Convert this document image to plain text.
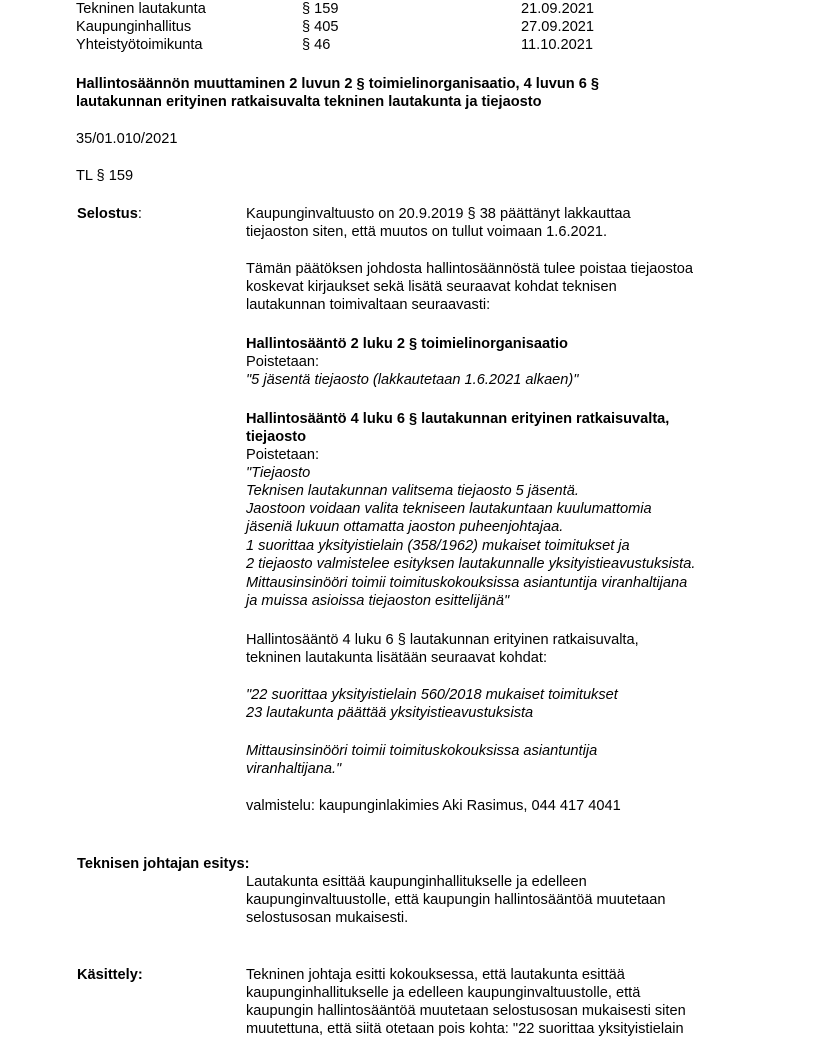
Tekninen lautakunta	§ 159	21.09.2021
Kaupunginhallitus	§ 405	27.09.2021
Yhteistyötoimikunta	§ 46	11.10.2021
Hallintosäännön muuttaminen 2 luvun 2 § toimielinorganisaatio, 4 luvun 6 §
lautakunnan erityinen ratkaisuvalta tekninen lautakunta ja tiejaosto
35/01.010/2021
TL § 159
Selostus:	Kaupunginvaltuusto on 20.9.2019 § 38 päättänyt lakkauttaa
tiejaoston siten, että muutos on tullut voimaan 1.6.2021.
Tämän päätöksen johdosta hallintosäännöstä tulee poistaa tiejaostoa
koskevat kirjaukset sekä lisätä seuraavat kohdat teknisen
lautakunnan toimivaltaan seuraavasti:
Hallintosääntö 2 luku 2 § toimielinorganisaatio
Poistetaan:
"5 jäsentä tiejaosto (lakkautetaan 1.6.2021 alkaen)"
Hallintosääntö 4 luku 6 § lautakunnan erityinen ratkaisuvalta,
tiejaosto
Poistetaan:
"Tiejaosto
Teknisen lautakunnan valitsema tiejaosto 5 jäsentä.
Jaostoon voidaan valita tekniseen lautakuntaan kuulumattomia
jäseniä lukuun ottamatta jaoston puheenjohtajaa.
1 suorittaa yksityistielain (358/1962) mukaiset toimitukset ja
2 tiejaosto valmistelee esityksen lautakunnalle yksityistieavustuksista.
Mittausinsinööri toimii toimituskokouksissa asiantuntija viranhaltijana
ja muissa asioissa tiejaoston esittelijänä"
Hallintosääntö 4 luku 6 § lautakunnan erityinen ratkaisuvalta,
tekninen lautakunta lisätään seuraavat kohdat:
"22 suorittaa yksityistielain 560/2018 mukaiset toimitukset
23 lautakunta päättää yksityistieavustuksista
Mittausinsinööri toimii toimituskokouksissa asiantuntija
viranhaltijana."
valmistelu: kaupunginlakimies Aki Rasimus, 044 417 4041
Teknisen johtajan esitys:
Lautakunta esittää kaupunginhallitukselle ja edelleen
kaupunginvaltuustolle, että kaupungin hallintosääntöä muutetaan
selostusosan mukaisesti.
Käsittely:	Tekninen johtaja esitti kokouksessa, että lautakunta esittää
kaupunginhallitukselle ja edelleen kaupunginvaltuustolle, että
kaupungin hallintosääntöä muutetaan selostusosan mukaisesti siten
muutettuna, että siitä otetaan pois kohta: "22 suorittaa yksityistielain
